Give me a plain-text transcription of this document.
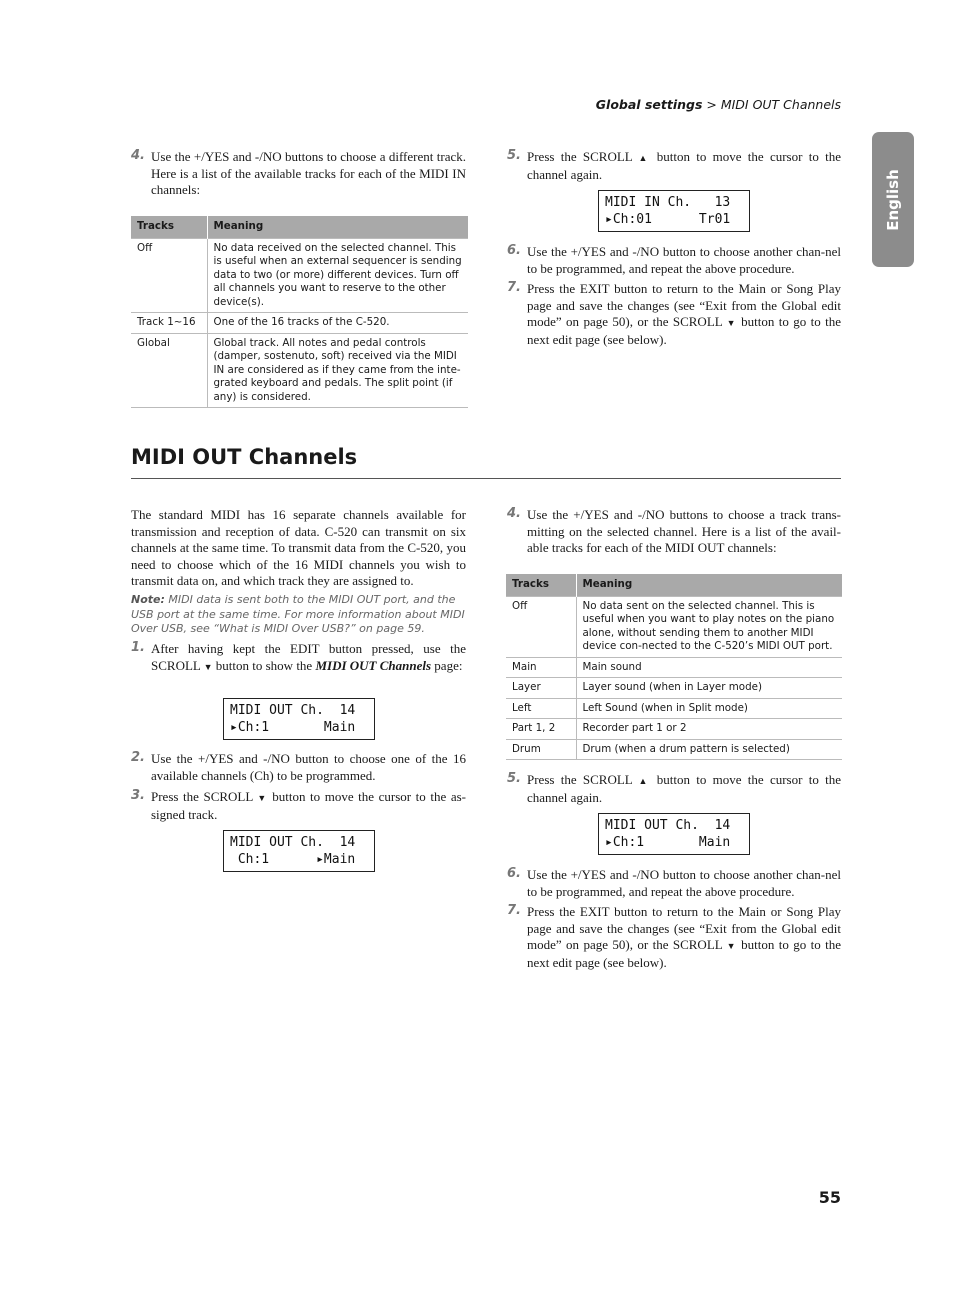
Global settings > MIDI OUT Channels
English
4. Use the +/YES and -/NO buttons to choose a different track. Here is a list of the available tracks for each of the MIDI IN channels:
Tracks	Meaning
Off	No data received on the selected channel. This is useful when an external sequencer is sending data to two (or more) different devices. Turn off all channels you want to reserve to the other device(s).
Track 1~16	One of the 16 tracks of the C-520.
Global	Global track. All notes and pedal controls (damper, sostenuto, soft) received via the MIDI IN are considered as if they came from the inte-grated keyboard and pedals. The split point (if any) is considered.
5. Press the SCROLL ▲ button to move the cursor to the channel again.
MIDI IN Ch.   13
▸Ch:01      Tr01
6. Use the +/YES and -/NO button to choose another chan-nel to be programmed, and repeat the above procedure.
7. Press the EXIT button to return to the Main or Song Play page and save the changes (see “Exit from the Global edit mode” on page 50), or the SCROLL ▼ button to go to the next edit page (see below).
MIDI OUT Channels
The standard MIDI has 16 separate channels available for transmission and reception of data. C-520 can transmit on six channels at the same time. To transmit data from the C-520, you need to choose which of the 16 MIDI channels you wish to transmit data on, and which track they are assigned to.
Note: MIDI data is sent both to the MIDI OUT port, and the USB port at the same time. For more information about MIDI Over USB, see “What is MIDI Over USB?” on page 59.
1. After having kept the EDIT button pressed, use the SCROLL ▼ button to show the MIDI OUT Channels page:
MIDI OUT Ch.  14
▸Ch:1       Main
2. Use the +/YES and -/NO button to choose one of the 16 available channels (Ch) to be programmed.
3. Press the SCROLL ▼ button to move the cursor to the as-signed track.
MIDI OUT Ch.  14
Ch:1      ▸Main
4. Use the +/YES and -/NO buttons to choose a track trans-mitting on the selected channel. Here is a list of the avail-able tracks for each of the MIDI OUT channels:
Tracks	Meaning
Off	No data sent on the selected channel. This is useful when you want to play notes on the piano alone, without sending them to another MIDI device con-nected to the C-520’s MIDI OUT port.
Main	Main sound
Layer	Layer sound (when in Layer mode)
Left	Left Sound (when in Split mode)
Part 1, 2	Recorder part 1 or 2
Drum	Drum (when a drum pattern is selected)
5. Press the SCROLL ▲ button to move the cursor to the channel again.
MIDI OUT Ch.  14
▸Ch:1       Main
6. Use the +/YES and -/NO button to choose another chan-nel to be programmed, and repeat the above procedure.
7. Press the EXIT button to return to the Main or Song Play page and save the changes (see “Exit from the Global edit mode” on page 50), or the SCROLL ▼ button to go to the next edit page (see below).
55
